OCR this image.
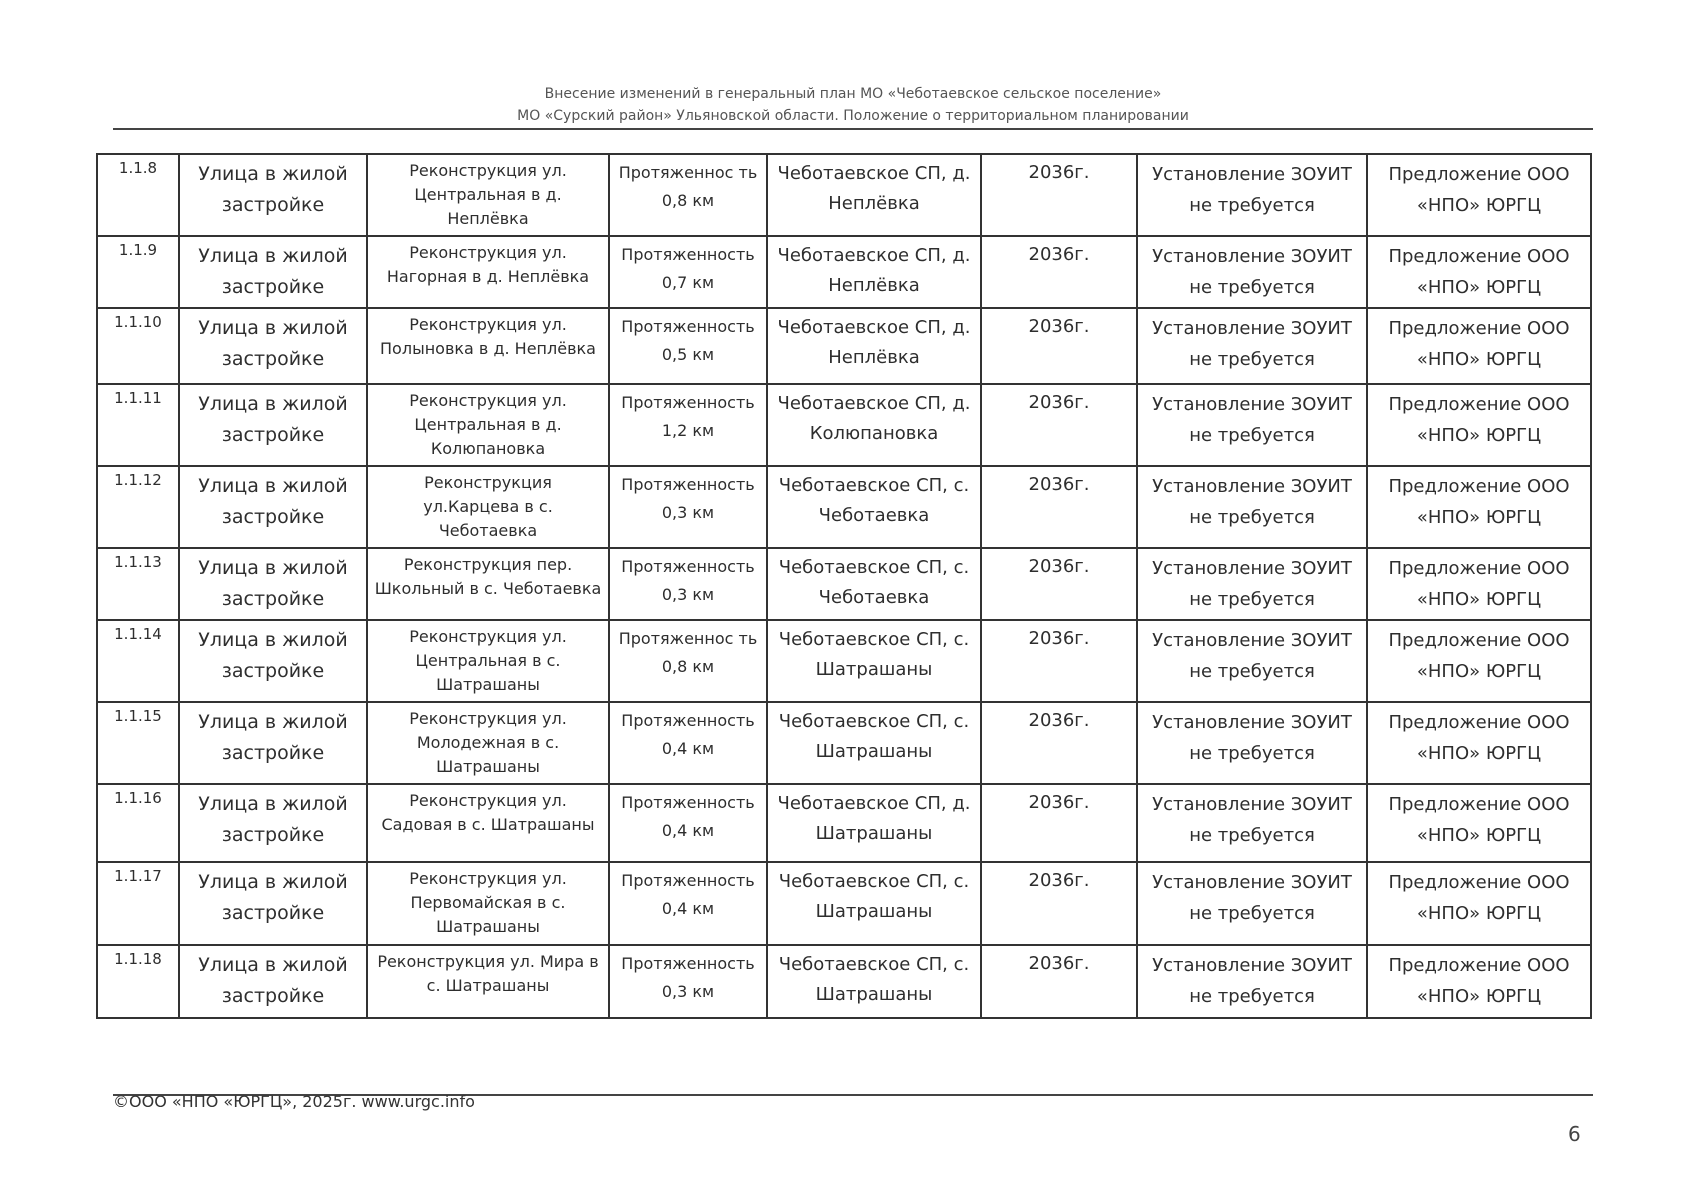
Внесение изменений в генеральный план МО «Чеботаевское сельское поселение»
МО «Сурский район» Ульяновской области. Положение о территориальном планировании
1.1.8	Улица в жилой застройке	Реконструкция ул. Центральная в д. Неплёвка	Протяженнос ть 0,8 км	Чеботаевское СП, д. Неплёвка	2036г.	Установление ЗОУИТ не требуется	Предложение ООО «НПО» ЮРГЦ
1.1.9	Улица в жилой застройке	Реконструкция ул. Нагорная в д. Неплёвка	Протяженность 0,7 км	Чеботаевское СП, д. Неплёвка	2036г.	Установление ЗОУИТ не требуется	Предложение ООО «НПО» ЮРГЦ
1.1.10	Улица в жилой застройке	Реконструкция ул. Полыновка в д. Неплёвка	Протяженность 0,5 км	Чеботаевское СП, д. Неплёвка	2036г.	Установление ЗОУИТ не требуется	Предложение ООО «НПО» ЮРГЦ
1.1.11	Улица в жилой застройке	Реконструкция ул. Центральная в д. Колюпановка	Протяженность 1,2 км	Чеботаевское СП, д. Колюпановка	2036г.	Установление ЗОУИТ не требуется	Предложение ООО «НПО» ЮРГЦ
1.1.12	Улица в жилой застройке	Реконструкция ул.Карцева в с. Чеботаевка	Протяженность 0,3 км	Чеботаевское СП, с. Чеботаевка	2036г.	Установление ЗОУИТ не требуется	Предложение ООО «НПО» ЮРГЦ
1.1.13	Улица в жилой застройке	Реконструкция пер. Школьный в с. Чеботаевка	Протяженность 0,3 км	Чеботаевское СП, с. Чеботаевка	2036г.	Установление ЗОУИТ не требуется	Предложение ООО «НПО» ЮРГЦ
1.1.14	Улица в жилой застройке	Реконструкция ул. Центральная в с. Шатрашаны	Протяженнос ть 0,8 км	Чеботаевское СП, с. Шатрашаны	2036г.	Установление ЗОУИТ не требуется	Предложение ООО «НПО» ЮРГЦ
1.1.15	Улица в жилой застройке	Реконструкция ул. Молодежная в с. Шатрашаны	Протяженность 0,4 км	Чеботаевское СП, с. Шатрашаны	2036г.	Установление ЗОУИТ не требуется	Предложение ООО «НПО» ЮРГЦ
1.1.16	Улица в жилой застройке	Реконструкция ул. Садовая в с. Шатрашаны	Протяженность 0,4 км	Чеботаевское СП, д. Шатрашаны	2036г.	Установление ЗОУИТ не требуется	Предложение ООО «НПО» ЮРГЦ
1.1.17	Улица в жилой застройке	Реконструкция ул. Первомайская в с. Шатрашаны	Протяженность 0,4 км	Чеботаевское СП, с. Шатрашаны	2036г.	Установление ЗОУИТ не требуется	Предложение ООО «НПО» ЮРГЦ
1.1.18	Улица в жилой застройке	Реконструкция ул. Мира в с. Шатрашаны	Протяженность 0,3 км	Чеботаевское СП, с. Шатрашаны	2036г.	Установление ЗОУИТ не требуется	Предложение ООО «НПО» ЮРГЦ
©ООО «НПО «ЮРГЦ», 2025г. www.urgc.info
6
